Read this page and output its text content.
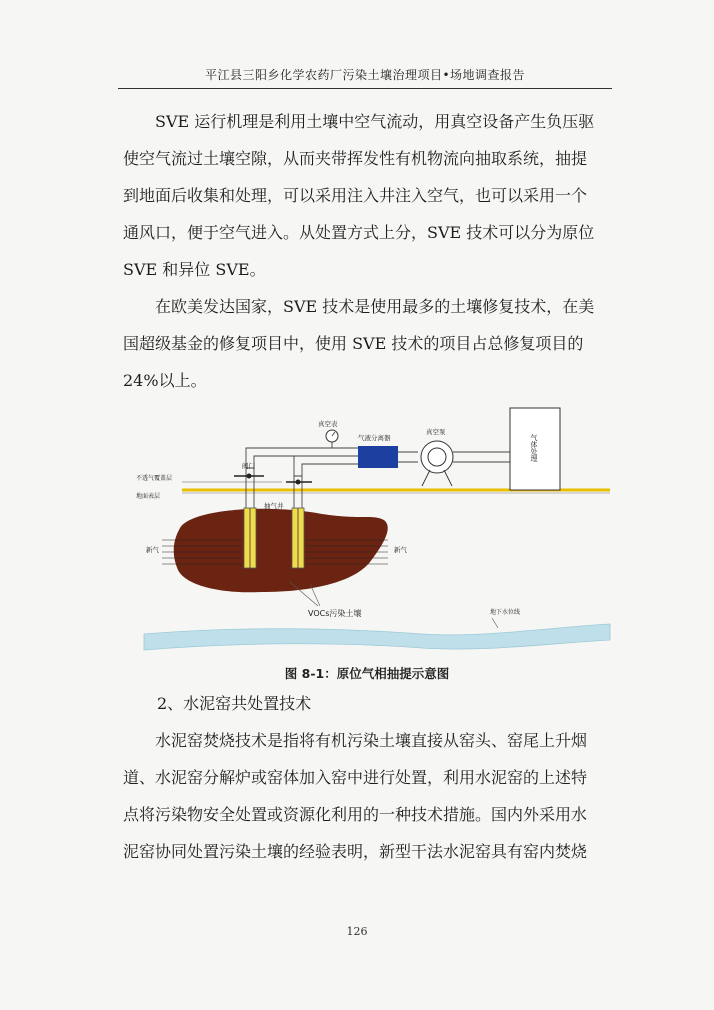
平江县三阳乡化学农药厂污染土壤治理项目•场地调查报告
　　SVE 运行机理是利用土壤中空气流动，用真空设备产生负压驱
使空气流过土壤空隙，从而夹带挥发性有机物流向抽取系统，抽提
到地面后收集和处理，可以采用注入井注入空气，也可以采用一个
通风口，便于空气进入。从处置方式上分，SVE 技术可以分为原位
SVE 和异位 SVE。
　　在欧美发达国家，SVE 技术是使用最多的土壤修复技术，在美
国超级基金的修复项目中，使用 SVE 技术的项目占总修复项目的
24%以上。
真空表
气液分离器
真空泵
气体处理
阀门
不透气覆盖层
地面表层
抽气井
新气	新气
VOCs污染土壤	地下水位线
图 8-1：原位气相抽提示意图
2、水泥窑共处置技术
　　水泥窑焚烧技术是指将有机污染土壤直接从窑头、窑尾上升烟
道、水泥窑分解炉或窑体加入窑中进行处置，利用水泥窑的上述特
点将污染物安全处置或资源化利用的一种技术措施。国内外采用水
泥窑协同处置污染土壤的经验表明，新型干法水泥窑具有窑内焚烧
126
